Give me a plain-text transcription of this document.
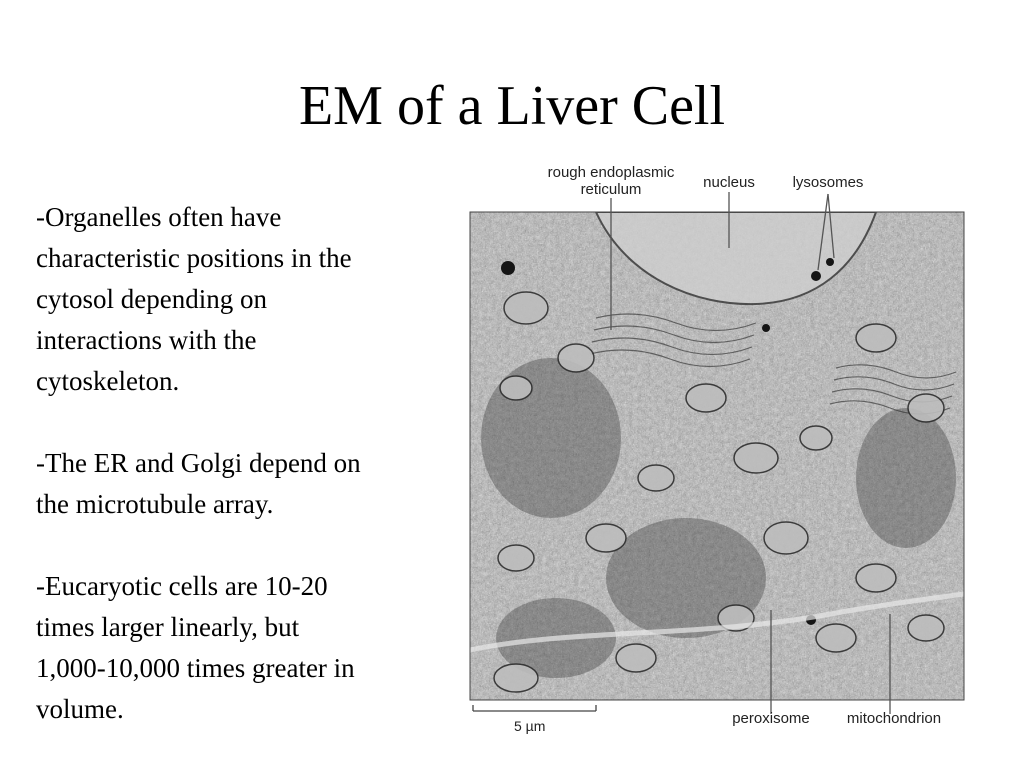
EM of a Liver Cell

-Organelles often have
characteristic positions in the
cytosol depending on
interactions with the
cytoskeleton.

-The ER and Golgi depend on
the microtubule array.

-Eucaryotic cells are 10-20
times larger linearly, but
1,000-10,000 times greater in
volume.

rough endoplasmic
reticulum	nucleus	lysosomes
peroxisome	mitochondrion
5 µm
